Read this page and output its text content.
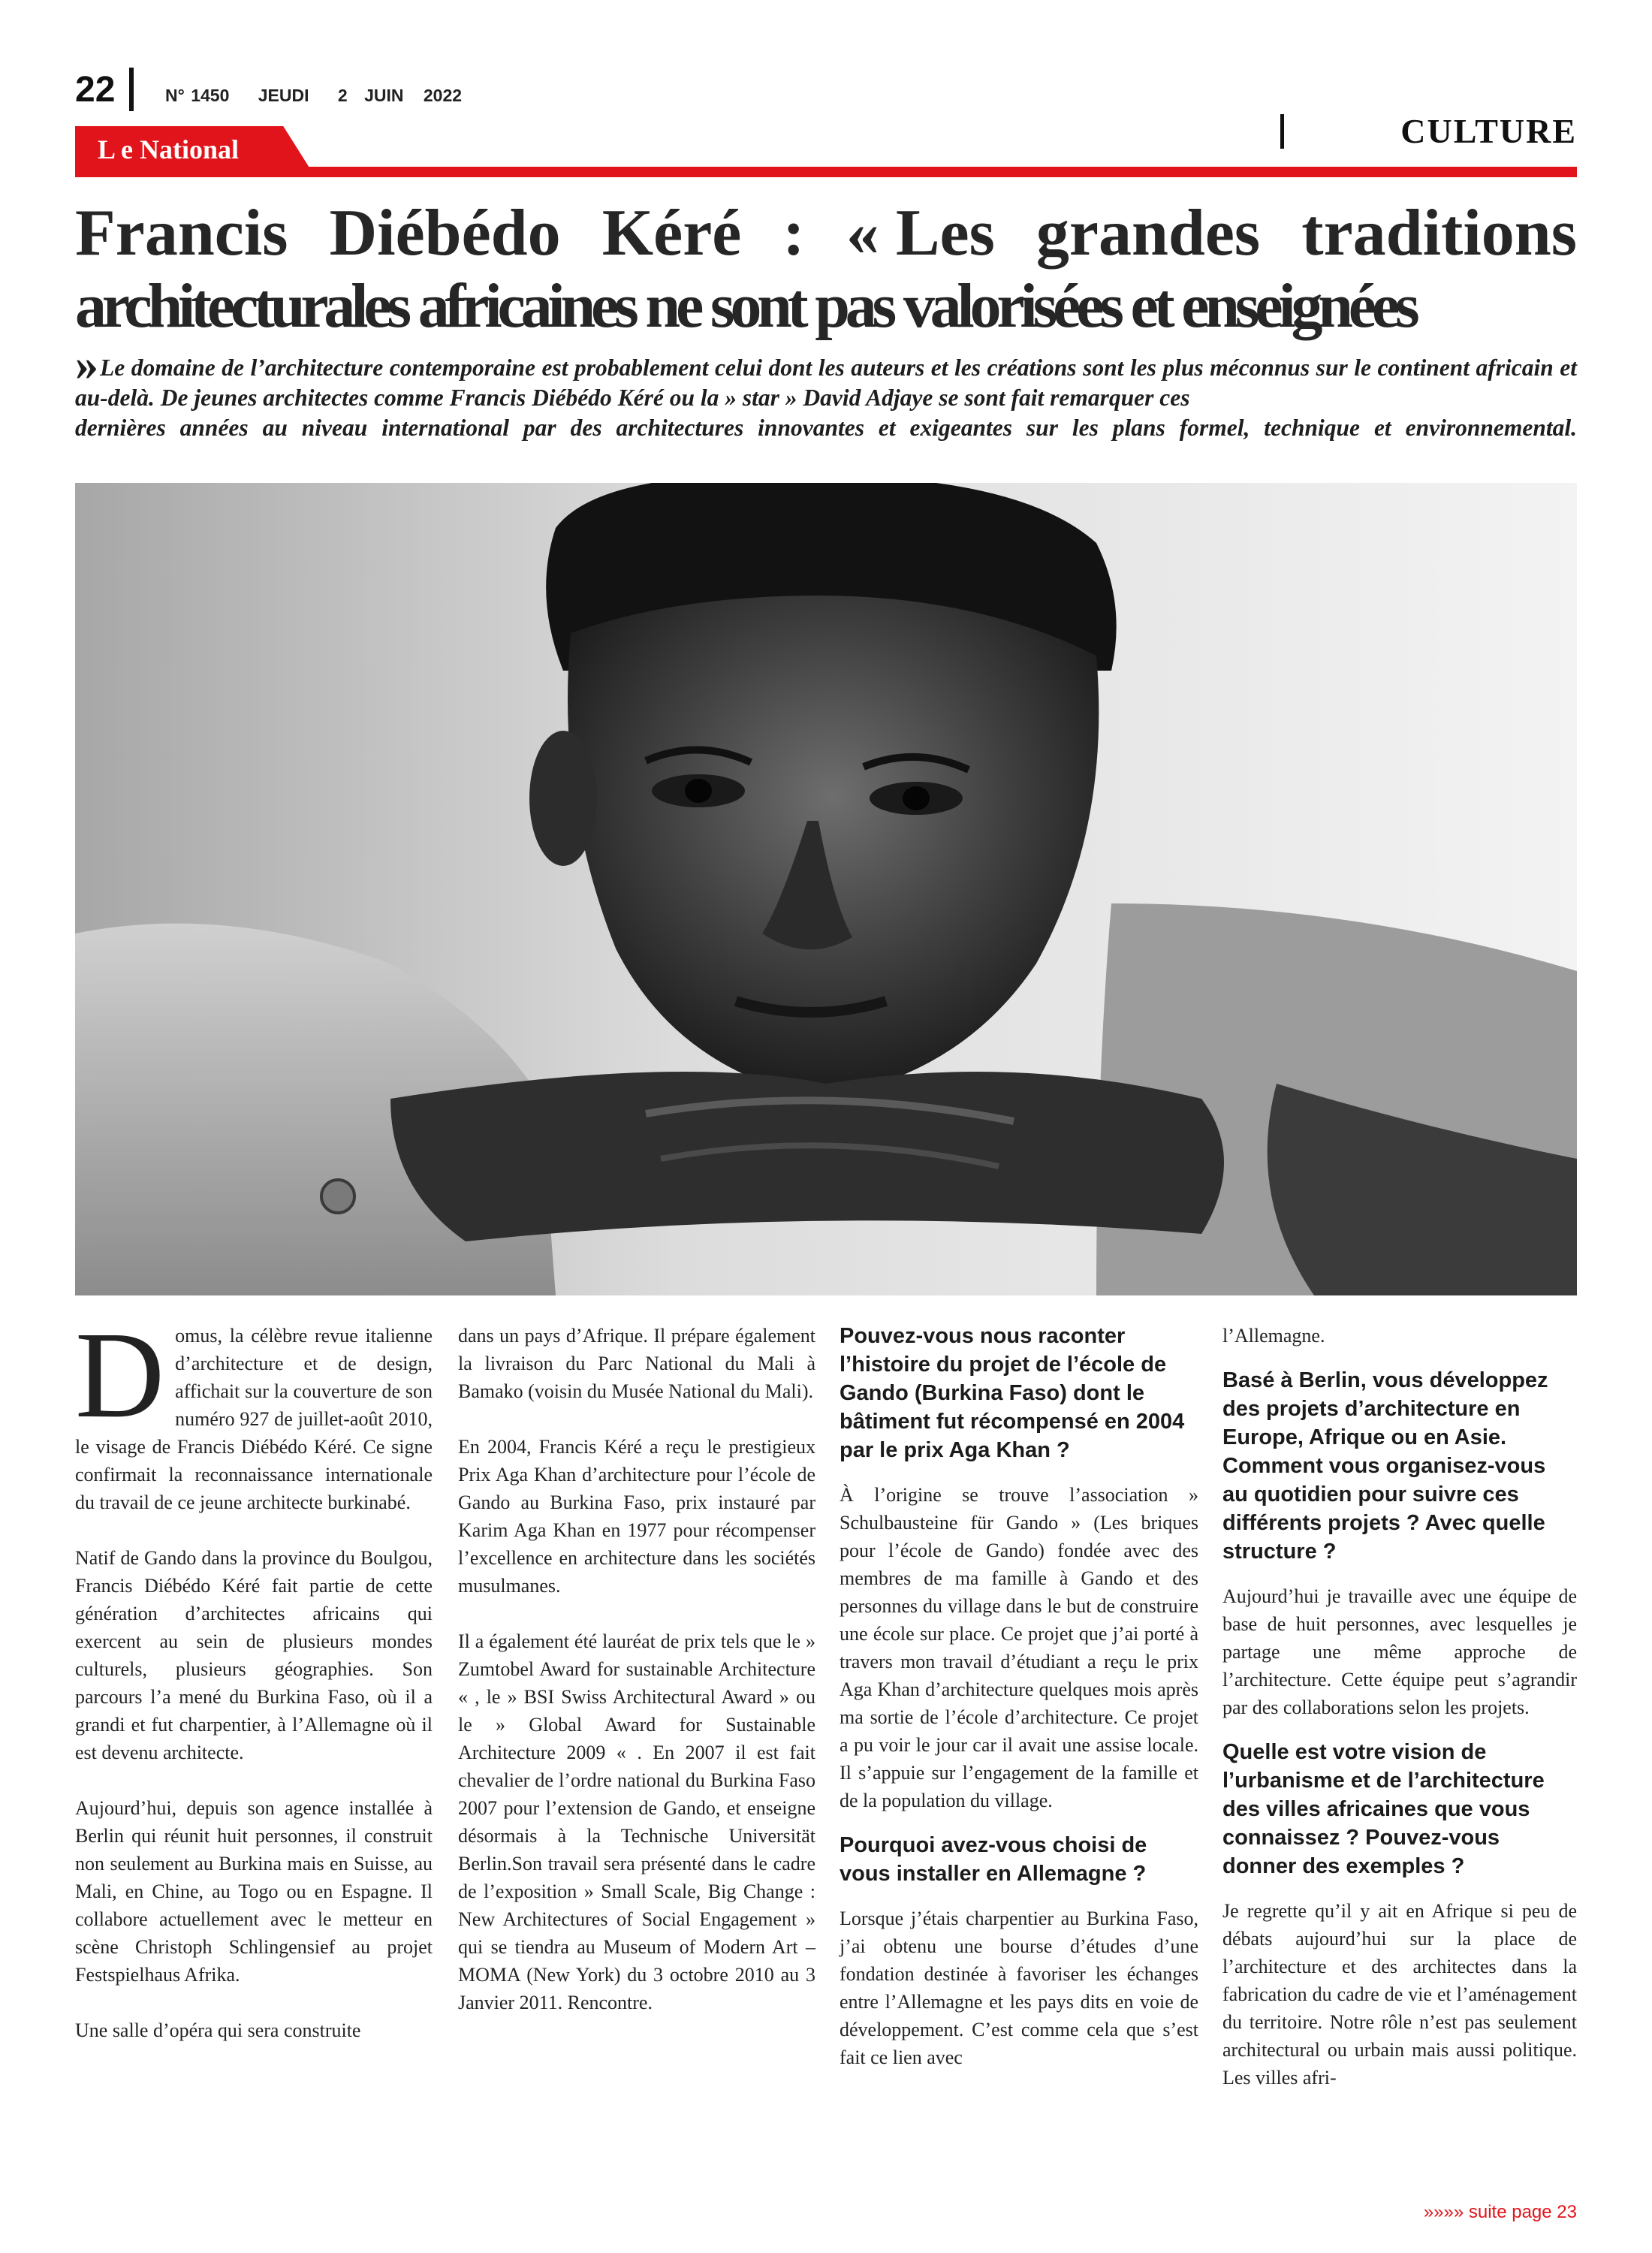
22	N° 1450 JEUDI 2 JUIN 2022
CULTURE
L e National
Francis Diébédo Kéré : « Les grandes traditions
architecturales africaines ne sont pas valorisées et enseignées
»Le domaine de l’architecture contemporaine est probablement celui dont les auteurs et les créations sont les plus méconnus sur le continent africain et au-delà. De jeunes architectes comme Francis Diébédo Kéré ou la » star » David Adjaye se sont fait remarquer ces
dernières années au niveau international par des architectures innovantes et exigeantes sur les plans formel, technique et environnemental.

Domus, la célèbre revue italienne d’architecture et de design, affichait sur la couverture de son numéro 927 de juillet-août 2010, le visage de Francis Diébédo Kéré. Ce signe confirmait la reconnaissance internationale du travail de ce jeune architecte burkinabé.

Natif de Gando dans la province du Boulgou, Francis Diébédo Kéré fait partie de cette génération d’architectes africains qui exercent au sein de plusieurs mondes culturels, plusieurs géographies. Son parcours l’a mené du Burkina Faso, où il a grandi et fut charpentier, à l’Allemagne où il est devenu architecte.

Aujourd’hui, depuis son agence installée à Berlin qui réunit huit personnes, il construit non seulement au Burkina mais en Suisse, au Mali, en Chine, au Togo ou en Espagne. Il collabore actuellement avec le metteur en scène Christoph Schlingensief au projet Festspielhaus Afrika.

Une salle d’opéra qui sera construite

dans un pays d’Afrique. Il prépare également la livraison du Parc National du Mali à Bamako (voisin du Musée National du Mali).

En 2004, Francis Kéré a reçu le prestigieux Prix Aga Khan d’architecture pour l’école de Gando au Burkina Faso, prix instauré par Karim Aga Khan en 1977 pour récompenser l’excellence en architecture dans les sociétés musulmanes.

Il a également été lauréat de prix tels que le » Zumtobel Award for sustainable Architecture « , le » BSI Swiss Architectural Award » ou le » Global Award for Sustainable Architecture 2009 « . En 2007 il est fait chevalier de l’ordre national du Burkina Faso 2007 pour l’extension de Gando, et enseigne désormais à la Technische Universität Berlin.Son travail sera présenté dans le cadre de l’exposition » Small Scale, Big Change : New Architectures of Social Engagement » qui se tiendra au Museum of Modern Art – MOMA (New York) du 3 octobre 2010 au 3 Janvier 2011. Rencontre.

Pouvez-vous nous raconter l’histoire du projet de l’école de Gando (Burkina Faso) dont le bâtiment fut récompensé en 2004 par le prix Aga Khan ?

À l’origine se trouve l’association » Schulbausteine für Gando » (Les briques pour l’école de Gando) fondée avec des membres de ma famille à Gando et des personnes du village dans le but de construire une école sur place. Ce projet que j’ai porté à travers mon travail d’étudiant a reçu le prix Aga Khan d’architecture quelques mois après ma sortie de l’école d’architecture. Ce projet a pu voir le jour car il avait une assise locale. Il s’appuie sur l’engagement de la famille et de la population du village.

Pourquoi avez-vous choisi de vous installer en Allemagne ?

Lorsque j’étais charpentier au Burkina Faso, j’ai obtenu une bourse d’études d’une fondation destinée à favoriser les échanges entre l’Allemagne et les pays dits en voie de développement. C’est comme cela que s’est fait ce lien avec

l’Allemagne.

Basé à Berlin, vous développez des projets d’architecture en Europe, Afrique ou en Asie. Comment vous organisez-vous au quotidien pour suivre ces différents projets ? Avec quelle structure ?

Aujourd’hui je travaille avec une équipe de base de huit personnes, avec lesquelles je partage une même approche de l’architecture. Cette équipe peut s’agrandir par des collaborations selon les projets.

Quelle est votre vision de l’urbanisme et de l’architecture des villes africaines que vous connaissez ? Pouvez-vous donner des exemples ?

Je regrette qu’il y ait en Afrique si peu de débats aujourd’hui sur la place de l’architecture et des architectes dans la fabrication du cadre de vie et l’aménagement du territoire. Notre rôle n’est pas seulement architectural ou urbain mais aussi politique. Les villes afri-

»»»» suite page 23
